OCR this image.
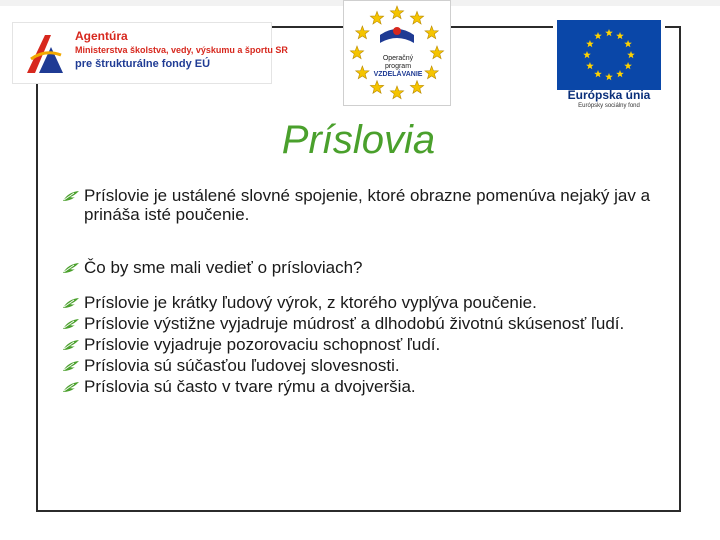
Agentúra
Ministerstva školstva, vedy, výskumu a športu SR
pre štrukturálne fondy EÚ	Operačný program
VZDELÁVANIE
Európska únia
Európsky sociálny fond
Príslovia
Príslovie je ustálené slovné spojenie, ktoré obrazne pomenúva nejaký jav a prináša isté poučenie.
Čo by sme mali vedieť o prísloviach?
Príslovie je krátky ľudový výrok, z ktorého vyplýva poučenie.
Príslovie výstižne vyjadruje múdrosť a dlhodobú životnú skúsenosť ľudí.
Príslovie vyjadruje pozorovaciu schopnosť ľudí.
Príslovia sú súčasťou ľudovej slovesnosti.
Príslovia sú často v tvare rýmu a dvojveršia.
